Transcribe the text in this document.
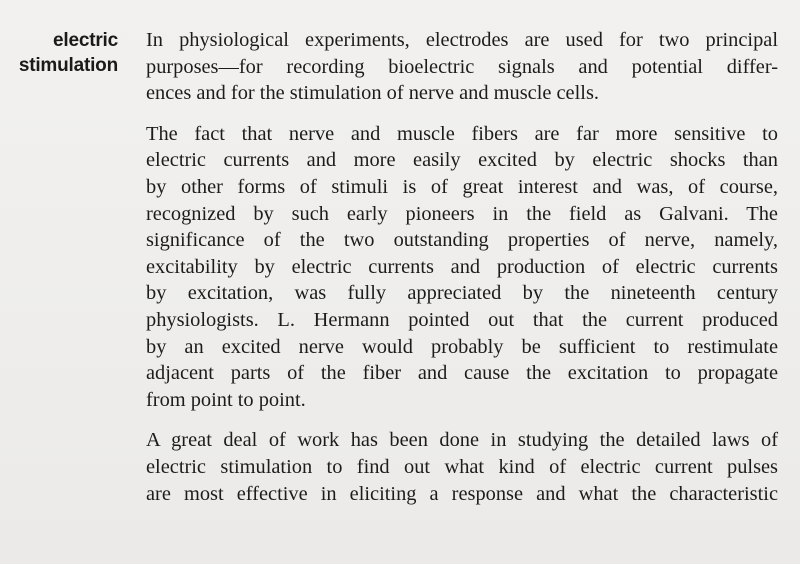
electric
stimulation

In physiological experiments, electrodes are used for two principal
purposes—for recording bioelectric signals and potential differ-
ences and for the stimulation of nerve and muscle cells.

The fact that nerve and muscle fibers are far more sensitive to
electric currents and more easily excited by electric shocks than
by other forms of stimuli is of great interest and was, of course,
recognized by such early pioneers in the field as Galvani. The
significance of the two outstanding properties of nerve, namely,
excitability by electric currents and production of electric currents
by excitation, was fully appreciated by the nineteenth century
physiologists. L. Hermann pointed out that the current produced
by an excited nerve would probably be sufficient to restimulate
adjacent parts of the fiber and cause the excitation to propagate
from point to point.

A great deal of work has been done in studying the detailed laws of
electric stimulation to find out what kind of electric current pulses
are most effective in eliciting a response and what the characteristic
